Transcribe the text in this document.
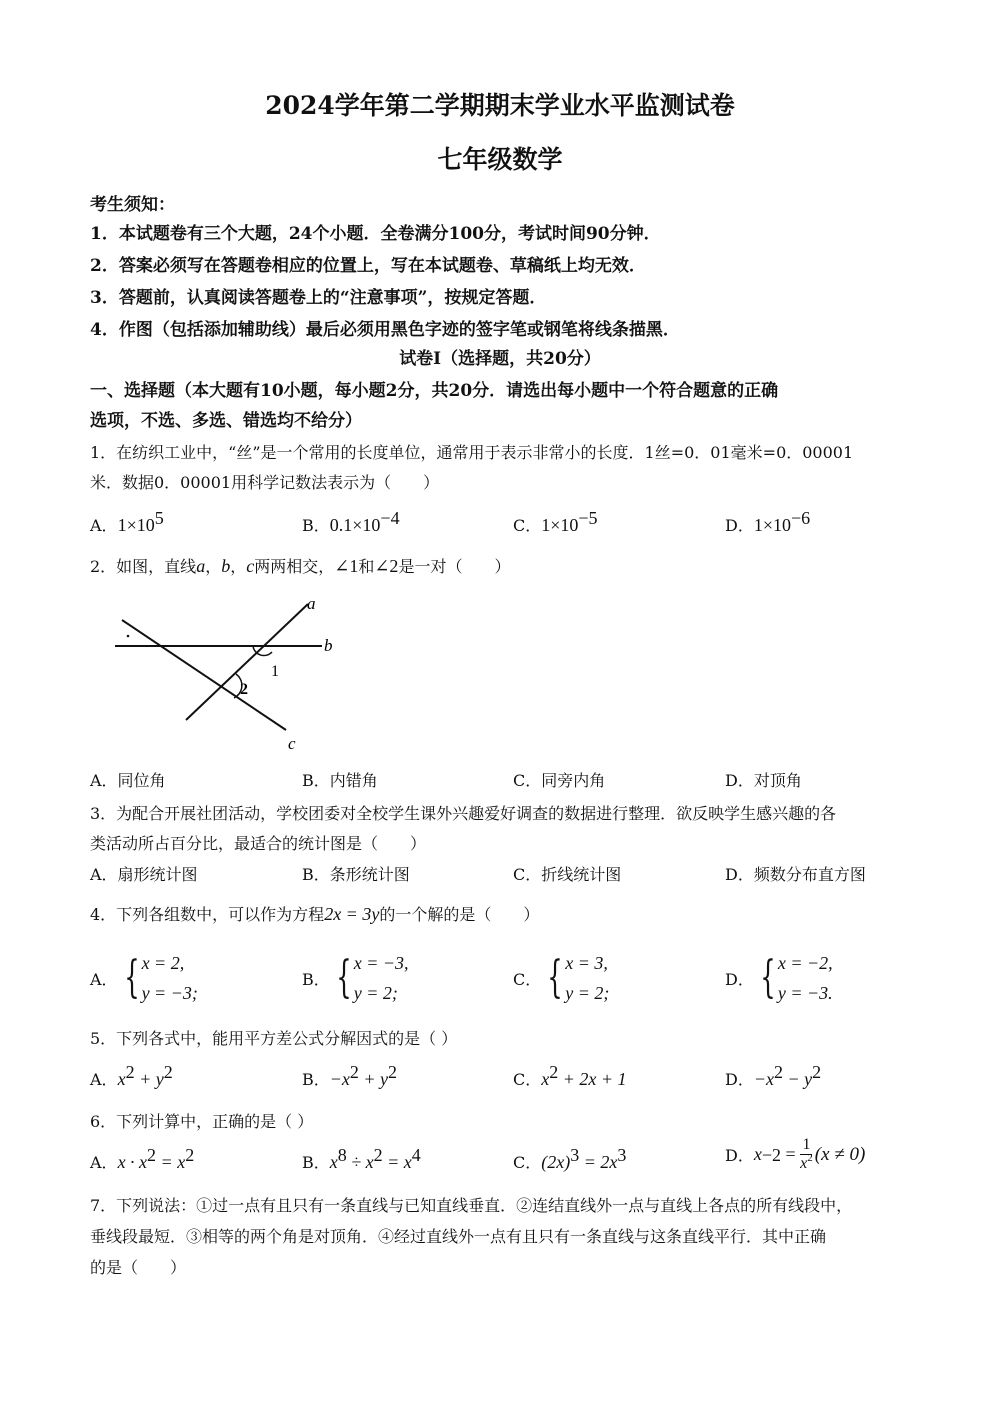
2024学年第二学期期末学业水平监测试卷
七年级数学
考生须知：
1．本试题卷有三个大题，24个小题．全卷满分100分，考试时间90分钟．
2．答案必须写在答题卷相应的位置上，写在本试题卷、草稿纸上均无效．
3．答题前，认真阅读答题卷上的“注意事项”，按规定答题．
4．作图（包括添加辅助线）最后必须用黑色字迹的签字笔或钢笔将线条描黑．
试卷Ⅰ（选择题，共20分）
一、选择题（本大题有10小题，每小题2分，共20分．请选出每小题中一个符合题意的正确
选项，不选、多选、错选均不给分）
1．在纺织工业中，“丝”是一个常用的长度单位，通常用于表示非常小的长度．1丝=0．01毫米=0．00001
米．数据0．00001用科学记数法表示为（　　）
A．$1\times 10^5$	B．$0.1\times 10^{-4}$	C．$1\times 10^{-5}$	D．$1\times 10^{-6}$
2．如图，直线a，b，c两两相交，∠1和∠2是一对（　　）
a
b
c
1
2
A．同位角	B．内错角	C．同旁内角	D．对顶角
3．为配合开展社团活动，学校团委对全校学生课外兴趣爱好调查的数据进行整理．欲反映学生感兴趣的各
类活动所占百分比，最适合的统计图是（　　）
A．扇形统计图	B．条形统计图	C．折线统计图	D．频数分布直方图
4．下列各组数中，可以作为方程2x = 3y的一个解的是（　　）
A． { x = 2,
y = −3;
B． { x = −3,
y = 2;
C． { x = 3,
y = 2;
D． { x = −2,
y = −3.
5．下列各式中，能用平方差公式分解因式的是（ ）
A．$x^2 + y^2$	B．$-x^2 + y^2$	C．$x^2 + 2x + 1$	D．$-x^2 - y^2$
6．下列计算中，正确的是（ ）
A．$x \cdot x^2 = x^2$	B．$x^8 \div x^2 = x^4$	C．$(2x)^3 = 2x^3$	D． $x -2 = \frac{1}{x^2} (x \ne 0)$
7．下列说法：①过一点有且只有一条直线与已知直线垂直．②连结直线外一点与直线上各点的所有线段中，
垂线段最短．③相等的两个角是对顶角．④经过直线外一点有且只有一条直线与这条直线平行．其中正确
的是（　　）
